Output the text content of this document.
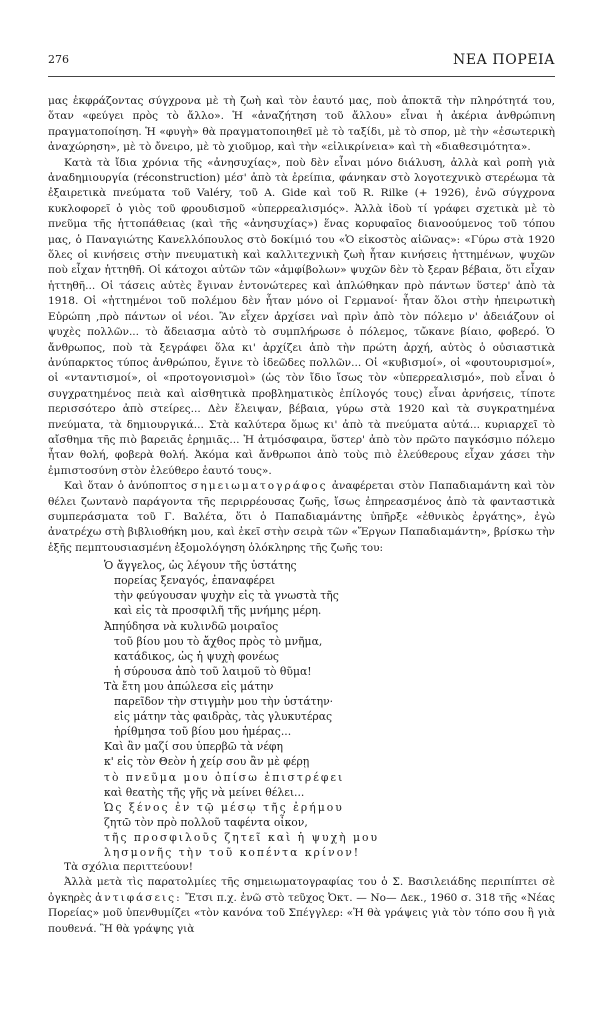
276	ΝΕΑ ΠΟΡΕΙΑ

μας ἐκφράζοντας σύγχρονα μὲ τὴ ζωὴ καὶ τὸν ἑαυτό μας, ποὺ ἀποκτᾶ τὴν πληρότητά του, ὅταν «φεύγει πρὸς τὸ ἄλλο». Ἡ «ἀναζήτηση τοῦ ἄλλου» εἶναι ἡ ἀκέρια ἀνθρώπινη πραγματοποίηση. Ἡ «φυγὴ» θὰ πραγματοποιηθεῖ μὲ τὸ ταξίδι, μὲ τὸ σπορ, μὲ τὴν «ἐσωτερικὴ ἀναχώρηση», μὲ τὸ ὄνειρο, μὲ τὸ χιοῦμορ, καὶ τὴν «εἰλικρίνεια» καὶ τὴ «διαθεσιμότητα».

Κατὰ τὰ ἴδια χρόνια τῆς «ἀνησυχίας», ποὺ δὲν εἶναι μόνο διάλυση, ἀλλὰ καὶ ροπὴ γιὰ ἀναδημιουργία (réconstruction) μέσ' ἀπὸ τὰ ἐρείπια, φάνηκαν στὸ λογοτεχνικὸ στερέωμα τὰ ἐξαιρετικὰ πνεύματα τοῦ Valéry, τοῦ A. Gide καὶ τοῦ R. Rilke (+ 1926), ἐνῶ σύγχρονα κυκλοφορεῖ ὁ γιὸς τοῦ φρουδισμοῦ «ὑπερρεαλισμός». Ἀλλὰ ἰδοὺ τί γράφει σχετικὰ μὲ τὸ πνεῦμα τῆς ἡττοπάθειας (καὶ τῆς «ἀνησυχίας») ἕνας κορυφαῖος διανοούμενος τοῦ τόπου μας, ὁ Παναγιώτης Κανελλόπουλος στὸ δοκίμιό του «Ὁ εἰκοστὸς αἰῶνας»: «Γύρω στὰ 1920 ὅλες οἱ κινήσεις στὴν πνευματικὴ καὶ καλλιτεχνικὴ ζωὴ ἦταν κινήσεις ἡττημένων, ψυχῶν ποὺ εἶχαν ἡττηθῆ. Οἱ κάτοχοι αὐτῶν τῶν «ἀμφίβολων» ψυχῶν δὲν τὸ ξεραν βέβαια, ὅτι εἶχαν ἡττηθῆ... Οἱ τάσεις αὐτὲς ἔγιναν ἐντονώτερες καὶ ἀπλώθηκαν πρὸ πάντων ὕστερ' ἀπὸ τὰ 1918. Οἱ «ἡττημένοι τοῦ πολέμου δὲν ἦταν μόνο οἱ Γερμανοί· ἦταν ὅλοι στὴν ἠπειρωτικὴ Εὐρώπη ,πρὸ πάντων οἱ νέοι. Ἂν εἶχεν ἀρχίσει ναὶ πρὶν ἀπὸ τὸν πόλεμο ν' ἀδειάζουν οἱ ψυχὲς πολλῶν... τὸ ἄδειασμα αὐτὸ τὸ συμπλήρωσε ὁ πόλεμος, τὤκανε βίαιο, φοβερό. Ὁ ἄνθρωπος, ποὺ τὰ ξεγράφει ὅλα κι' ἀρχίζει ἀπὸ τὴν πρώτη ἀρχή, αὐτὸς ὁ οὐσιαστικὰ ἀνύπαρκτος τύπος ἀνθρώπου, ἔγινε τὸ ἰδεῶδες πολλῶν... Οἱ «κυβισμοί», οἱ «φουτουρισμοί», οἱ «νταντισμοί», οἱ «προτογονισμοὶ» (ὡς τὸν ἴδιο ἴσως τὸν «ὑπερρεαλισμό», ποὺ εἶναι ὁ συγχρατημένος πειὰ καὶ αἰσθητικὰ προβληματικὸς ἐπίλογός τους) εἶναι ἀρνήσεις, τίποτε περισσότερο ἀπὸ στείρες... Δὲν ἔλειψαν, βέβαια, γύρω στὰ 1920 καὶ τὰ συγκρατημένα πνεύματα, τὰ δημιουργικά... Στὰ καλύτερα ὅμως κι' ἀπὸ τὰ πνεύματα αὐτά... κυριαρχεῖ τὸ αἴσθημα τῆς πιὸ βαρειᾶς ἐρημιᾶς... Ἡ ἀτμόσφαιρα, ὕστερ' ἀπὸ τὸν πρῶτο παγκόσμιο πόλεμο ἦταν θολή, φοβερὰ θολή. Ἀκόμα καὶ ἄνθρωποι ἀπὸ τοὺς πιὸ ἐλεύθερους εἶχαν χάσει τὴν ἐμπιστοσύνη στὸν ἐλεύθερο ἑαυτό τους».

Καὶ ὅταν ὁ ἀνύποπτος σημειωματογράφος ἀναφέρεται στὸν Παπαδιαμάντη καὶ τὸν θέλει ζωντανὸ παράγοντα τῆς περιρρέουσας ζωῆς, ἴσως ἐπηρεασμένος ἀπὸ τὰ φανταστικὰ συμπεράσματα τοῦ Γ. Βαλέτα, ὅτι ὁ Παπαδιαμάντης ὑπῆρξε «ἐθνικὸς ἐργάτης», ἐγὼ ἀνατρέχω στὴ βιβλιοθήκη μου, καὶ ἐκεῖ στὴν σειρὰ τῶν «Ἔργων Παπαδιαμάντη», βρίσκω τὴν ἑξῆς πεμπτουσιασμένη ἐξομολόγηση ὁλόκληρης τῆς ζωῆς του:

Ὁ ἄγγελος, ὡς λέγουν τῆς ὑστάτης
πορείας ξεναγός, ἐπαναφέρει
τὴν φεύγουσαν ψυχὴν εἰς τὰ γνωστὰ τῆς
καὶ εἰς τὰ προσφιλῆ τῆς μνήμης μέρη.
Ἀπηύδησα νὰ κυλινδῶ μοιραῖος
τοῦ βίου μου τὸ ἄχθος πρὸς τὸ μνῆμα,
κατάδικος, ὡς ἡ ψυχὴ φονέως
ἡ σύρουσα ἀπὸ τοῦ λαιμοῦ τὸ θῦμα!
Τὰ ἔτη μου ἀπώλεσα εἰς μάτην
παρεῖδον τὴν στιγμὴν μου τὴν ὑστάτην·
εἰς μάτην τὰς φαιδρὰς, τὰς γλυκυτέρας
ἠρίθμησα τοῦ βίου μου ἡμέρας...
Καὶ ἂν μαζί σου ὑπερβῶ τὰ νέφη
κ' εἰς τὸν Θεὸν ἡ χείρ σου ἂν μὲ φέρῃ
τὸ πνεῦμα μου ὀπίσω ἐπιστρέφει
καὶ θεατὴς τῆς γῆς νὰ μείνει θέλει...
Ὡς ξένος ἐν τῷ μέσῳ τῆς ἐρήμου
ζητῶ τὸν πρὸ πολλοῦ ταφέντα οἶκον,
τῆς προσφιλοῦς ζητεῖ καὶ ἡ ψυχὴ μου
λησμονῆς τὴν τοῦ κοπέντα κρίνον!

Τὰ σχόλια περιττεύουν!

Ἀλλὰ μετὰ τὶς παρατολμίες τῆς σημειωματογραφίας του ὁ Σ. Βασιλειάδης περιπίπτει σὲ ὀγκηρὲς ἀντιφάσεις: Ἔτσι π.χ. ἐνῶ στὸ τεῦχος Ὀκτ. — Νο— Δεκ., 1960 σ. 318 τῆς «Νέας Πορείας» μοῦ ὑπενθυμίζει «τὸν κανόνα τοῦ Σπέγγλερ: «Ἡ θὰ γράψεις γιὰ τὸν τόπο σου ἢ γιὰ πουθενά. Ἢ θὰ γράψης γιὰ
